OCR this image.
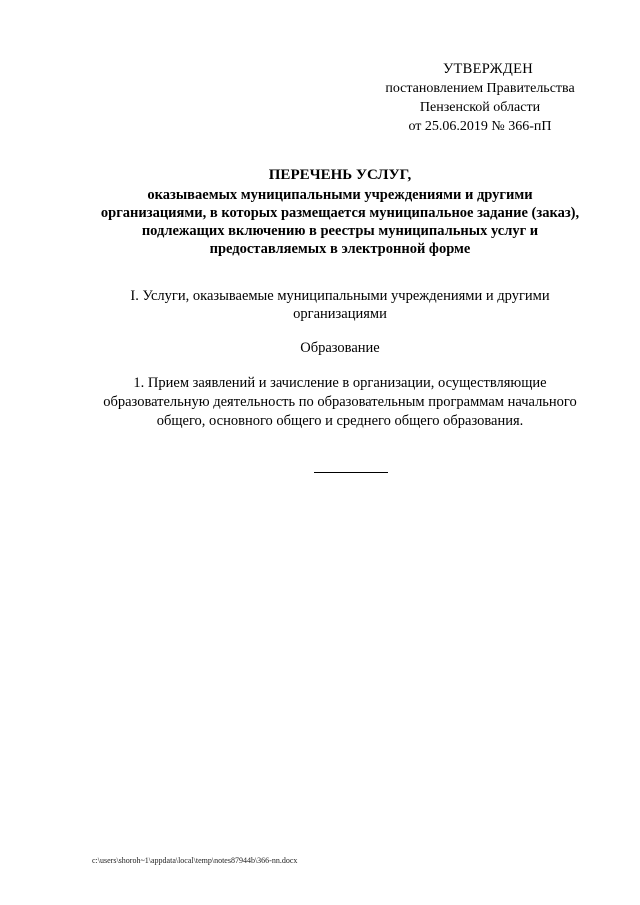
УТВЕРЖДЕН
постановлением Правительства
Пензенской области
от 25.06.2019 № 366-пП
ПЕРЕЧЕНЬ УСЛУГ,
оказываемых муниципальными учреждениями и другими
организациями, в которых размещается муниципальное задание (заказ),
подлежащих включению в реестры муниципальных услуг и
предоставляемых в электронной форме
I. Услуги, оказываемые муниципальными учреждениями и другими
организациями
Образование
1. Прием заявлений и зачисление в организации, осуществляющие
образовательную деятельность по образовательным программам начального
общего, основного общего и среднего общего образования.
c:\users\shoroh~1\appdata\local\temp\notes87944b\366-nn.docx
